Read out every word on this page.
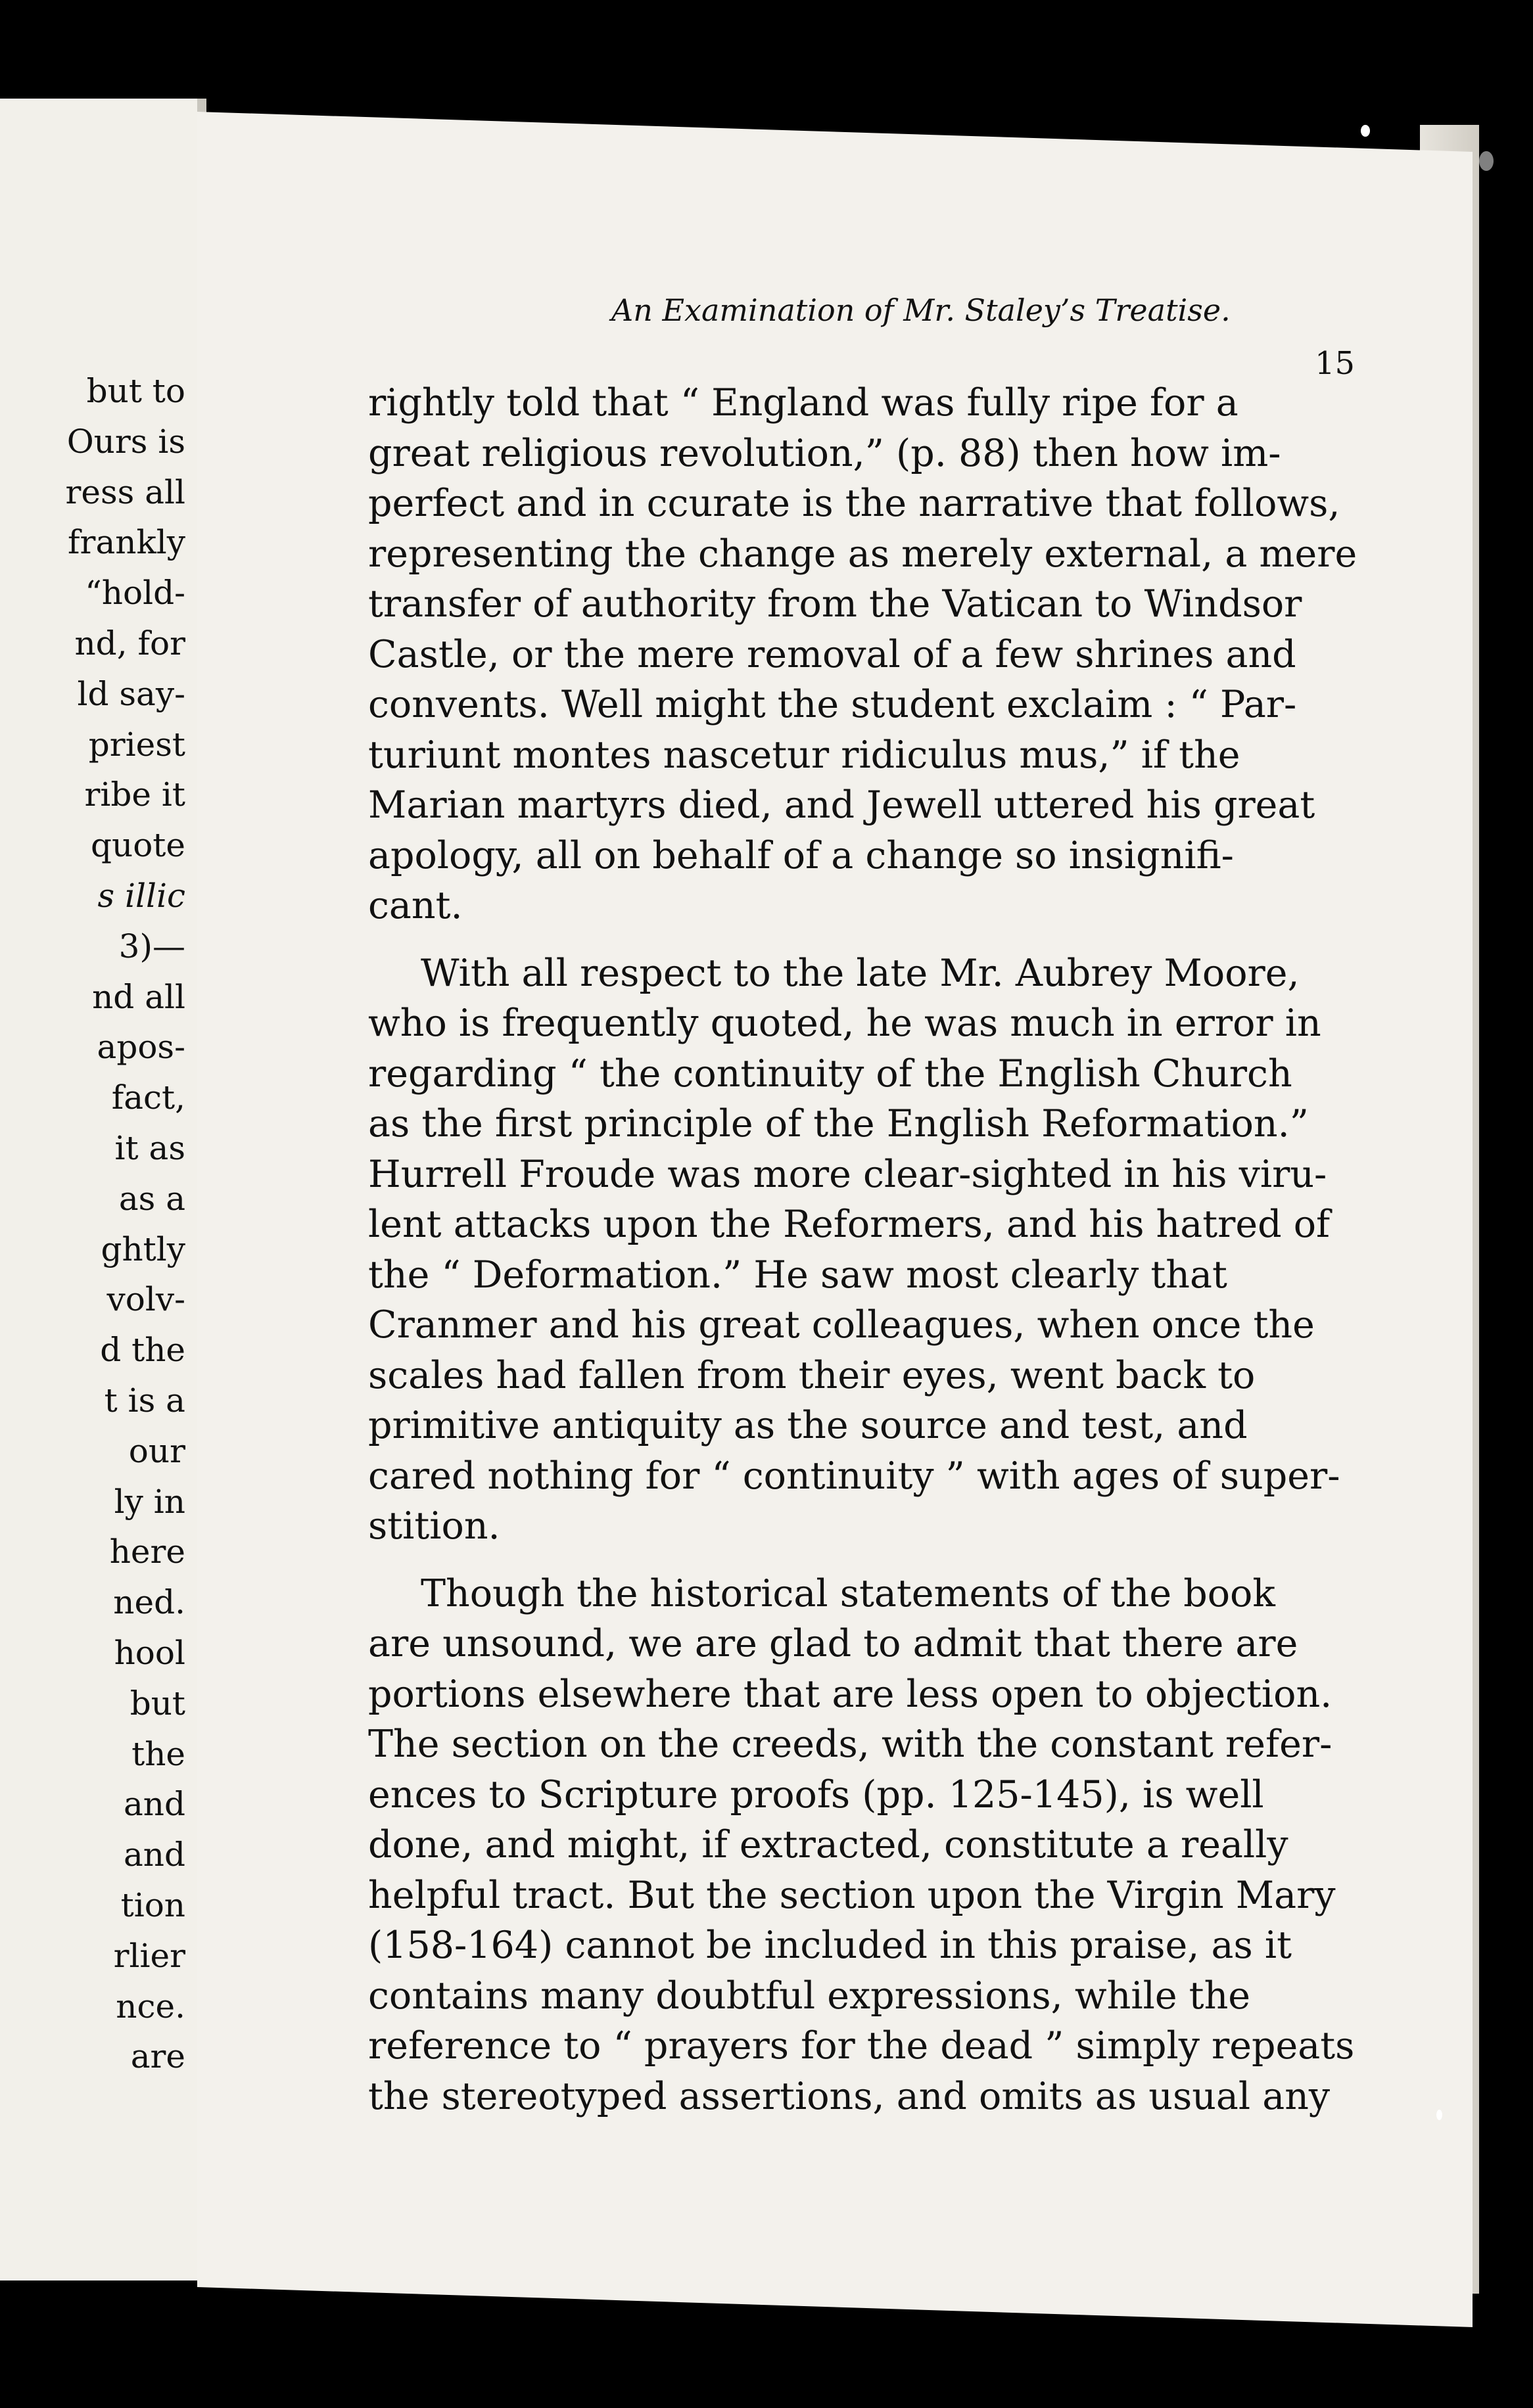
but to
Ours is
ress all
frankly
“hold-
nd, for
ld say-
priest
ribe it
quote
s illic
3)—
nd all
apos-
fact,
it as
as a
ghtly
volv-
d the
t is a
our
ly in
here
ned.
hool
but
the
and
and
tion
rlier
nce.
are
An Examination of Mr. Staley’s Treatise.
15
rightly told that “ England was fully ripe for a
great religious revolution,” (p. 88) then how im-
perfect and in ccurate is the narrative that follows,
representing the change as merely external, a mere
transfer of authority from the Vatican to Windsor
Castle, or the mere removal of a few shrines and
convents. Well might the student exclaim : “ Par-
turiunt montes nascetur ridiculus mus,” if the
Marian martyrs died, and Jewell uttered his great
apology, all on behalf of a change so insignifi-
cant.
With all respect to the late Mr. Aubrey Moore,
who is frequently quoted, he was much in error in
regarding “ the continuity of the English Church
as the first principle of the English Reformation.”
Hurrell Froude was more clear-sighted in his viru-
lent attacks upon the Reformers, and his hatred of
the “ Deformation.” He saw most clearly that
Cranmer and his great colleagues, when once the
scales had fallen from their eyes, went back to
primitive antiquity as the source and test, and
cared nothing for “ continuity ” with ages of super-
stition.
Though the historical statements of the book
are unsound, we are glad to admit that there are
portions elsewhere that are less open to objection.
The section on the creeds, with the constant refer-
ences to Scripture proofs (pp. 125-145), is well
done, and might, if extracted, constitute a really
helpful tract. But the section upon the Virgin Mary
(158-164) cannot be included in this praise, as it
contains many doubtful expressions, while the
reference to “ prayers for the dead ” simply repeats
the stereotyped assertions, and omits as usual any
